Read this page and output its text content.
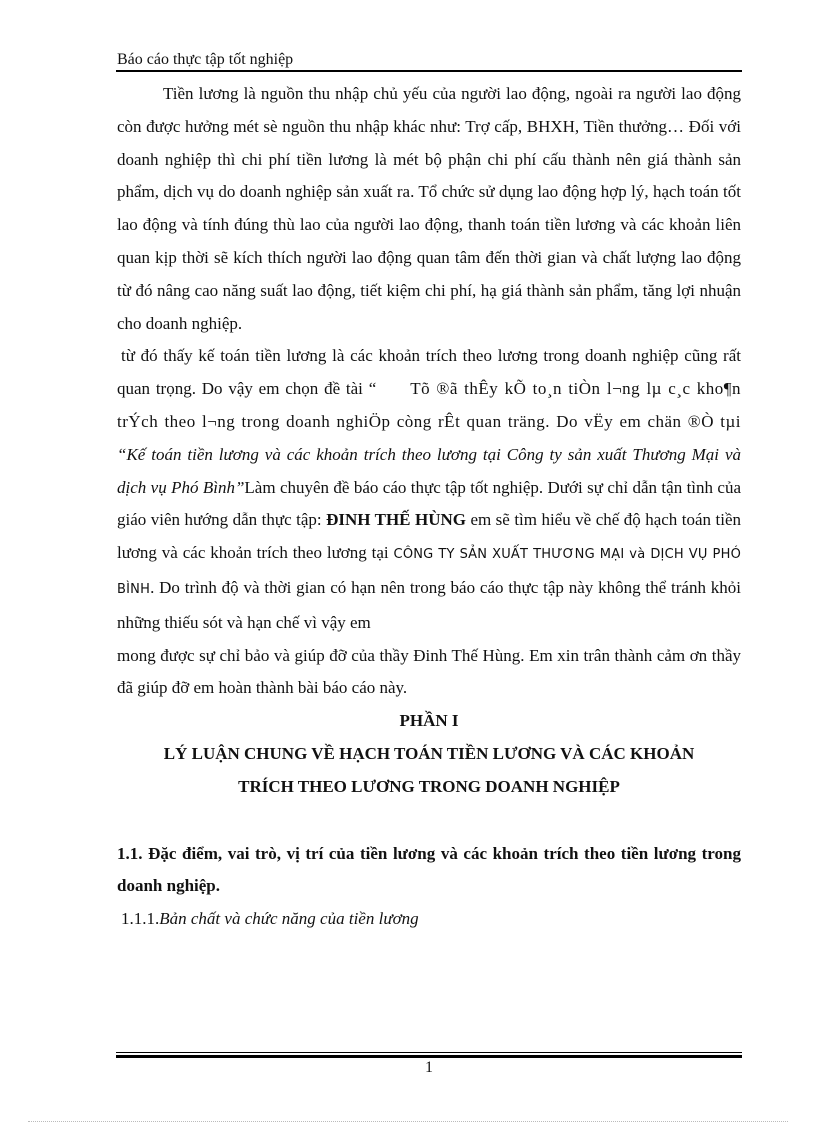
Báo cáo thực tập tốt nghiệp

Tiền lương là nguồn thu nhập chủ yếu của người lao động, ngoài ra người lao động còn được hưởng mét sè nguồn thu nhập khác như: Trợ cấp, BHXH, Tiền thưởng… Đối với doanh nghiệp thì chi phí tiền lương là mét bộ phận chi phí cấu thành nên giá thành sản phẩm, dịch vụ do doanh nghiệp sản xuất ra. Tổ chức sử dụng lao động hợp lý, hạch toán tốt lao động và tính đúng thù lao của người lao động, thanh toán tiền lương và các khoản liên quan kịp thời sẽ kích thích người lao động quan tâm đến thời gian và chất lượng lao động từ đó nâng cao năng suất lao động, tiết kiệm chi phí, hạ giá thành sản phẩm, tăng lợi nhuận cho doanh nghiệp.

từ đó thấy kế toán tiền lương là các khoản trích theo lương trong doanh nghiệp cũng rất quan trọng. Do vậy em chọn đề tài “ Tõ ®ã thÊy kÕ to¸n tiÒn l¬ng lµ c¸c kho¶n trÝch theo l¬ng trong doanh nghiÖp còng rÊt quan träng. Do vËy em chän ®Ò tµi “Kế toán tiền lương và các khoản trích theo lương tại Công ty sản xuất Thương Mại và dịch vụ Phó Bình”Làm chuyên đề báo cáo thực tập tốt nghiệp. Dưới sự chỉ dẫn tận tình của giáo viên hướng dẫn thực tập: ĐINH THẾ HÙNG em sẽ tìm hiểu về chế độ hạch toán tiền lương và các khoản trích theo lương tại CÔNG TY SẢN XUẤT THƯƠNG MẠI và DỊCH VỤ PHÓ BÌNH. Do trình độ và thời gian có hạn nên trong báo cáo thực tập này không thể tránh khỏi những thiếu sót và hạn chế vì vậy em

mong được sự chỉ bảo và giúp đỡ của thầy Đinh Thế Hùng. Em xin trân thành cảm ơn thầy đã giúp đỡ em hoàn thành bài báo cáo này.

PHẦN I

LÝ LUẬN CHUNG VỀ HẠCH TOÁN TIỀN LƯƠNG VÀ CÁC KHOẢN

TRÍCH THEO LƯƠNG TRONG DOANH NGHIỆP

1.1. Đặc điểm, vai trò, vị trí của tiền lương và các khoản trích theo tiền lương trong doanh nghiệp.

1.1.1.Bản chất và chức năng của tiền lương

1
